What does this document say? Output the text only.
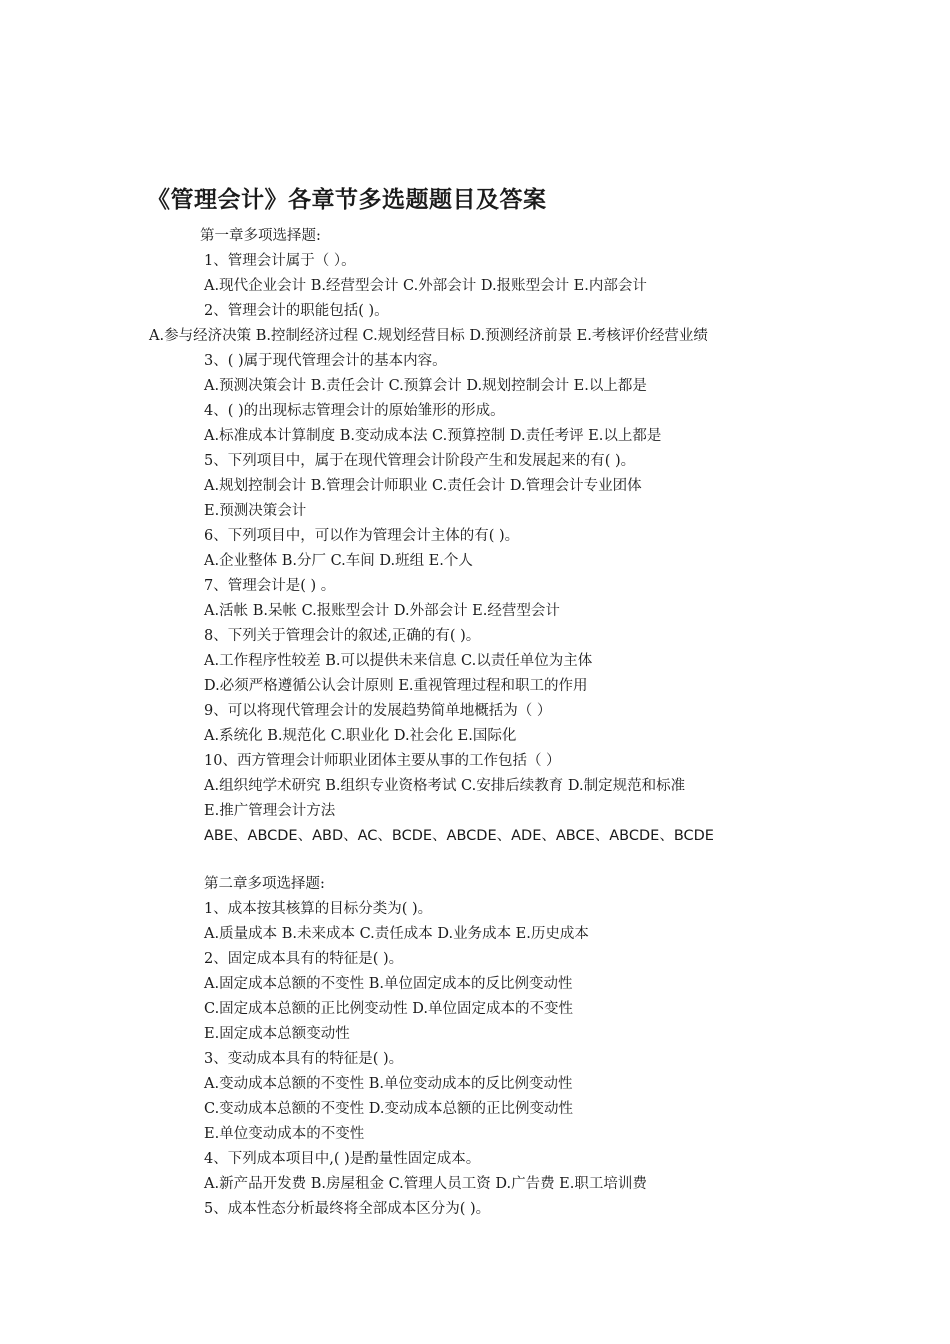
《管理会计》各章节多选题题目及答案
第一章多项选择题:
1、管理会计属于（ ）。
A.现代企业会计 B.经营型会计 C.外部会计 D.报账型会计 E.内部会计
2、管理会计的职能包括( )。
A.参与经济决策 B.控制经济过程 C.规划经营目标 D.预测经济前景 E.考核评价经营业绩
3、( )属于现代管理会计的基本内容。
A.预测决策会计 B.责任会计 C.预算会计 D.规划控制会计 E.以上都是
4、( )的出现标志管理会计的原始雏形的形成。
A.标准成本计算制度 B.变动成本法 C.预算控制 D.责任考评 E.以上都是
5、下列项目中，属于在现代管理会计阶段产生和发展起来的有( )。
A.规划控制会计 B.管理会计师职业 C.责任会计 D.管理会计专业团体
E.预测决策会计
6、下列项目中，可以作为管理会计主体的有( )。
A.企业整体 B.分厂 C.车间 D.班组 E.个人
7、管理会计是( ) 。
A.活帐 B.呆帐 C.报账型会计 D.外部会计 E.经营型会计
8、下列关于管理会计的叙述,正确的有( )。
A.工作程序性较差 B.可以提供未来信息 C.以责任单位为主体
D.必须严格遵循公认会计原则 E.重视管理过程和职工的作用
9、可以将现代管理会计的发展趋势简单地概括为（ ）
A.系统化 B.规范化 C.职业化 D.社会化 E.国际化
10、西方管理会计师职业团体主要从事的工作包括（ ）
A.组织纯学术研究 B.组织专业资格考试 C.安排后续教育 D.制定规范和标准
E.推广管理会计方法
ABE、ABCDE、ABD、AC、BCDE、ABCDE、ADE、ABCE、ABCDE、BCDE
第二章多项选择题:
1、成本按其核算的目标分类为( )。
A.质量成本 B.未来成本 C.责任成本 D.业务成本 E.历史成本
2、固定成本具有的特征是( )。
A.固定成本总额的不变性 B.单位固定成本的反比例变动性
C.固定成本总额的正比例变动性 D.单位固定成本的不变性
E.固定成本总额变动性
3、变动成本具有的特征是( )。
A.变动成本总额的不变性 B.单位变动成本的反比例变动性
C.变动成本总额的不变性 D.变动成本总额的正比例变动性
E.单位变动成本的不变性
4、下列成本项目中,( )是酌量性固定成本。
A.新产品开发费 B.房屋租金 C.管理人员工资 D.广告费 E.职工培训费
5、成本性态分析最终将全部成本区分为( )。
